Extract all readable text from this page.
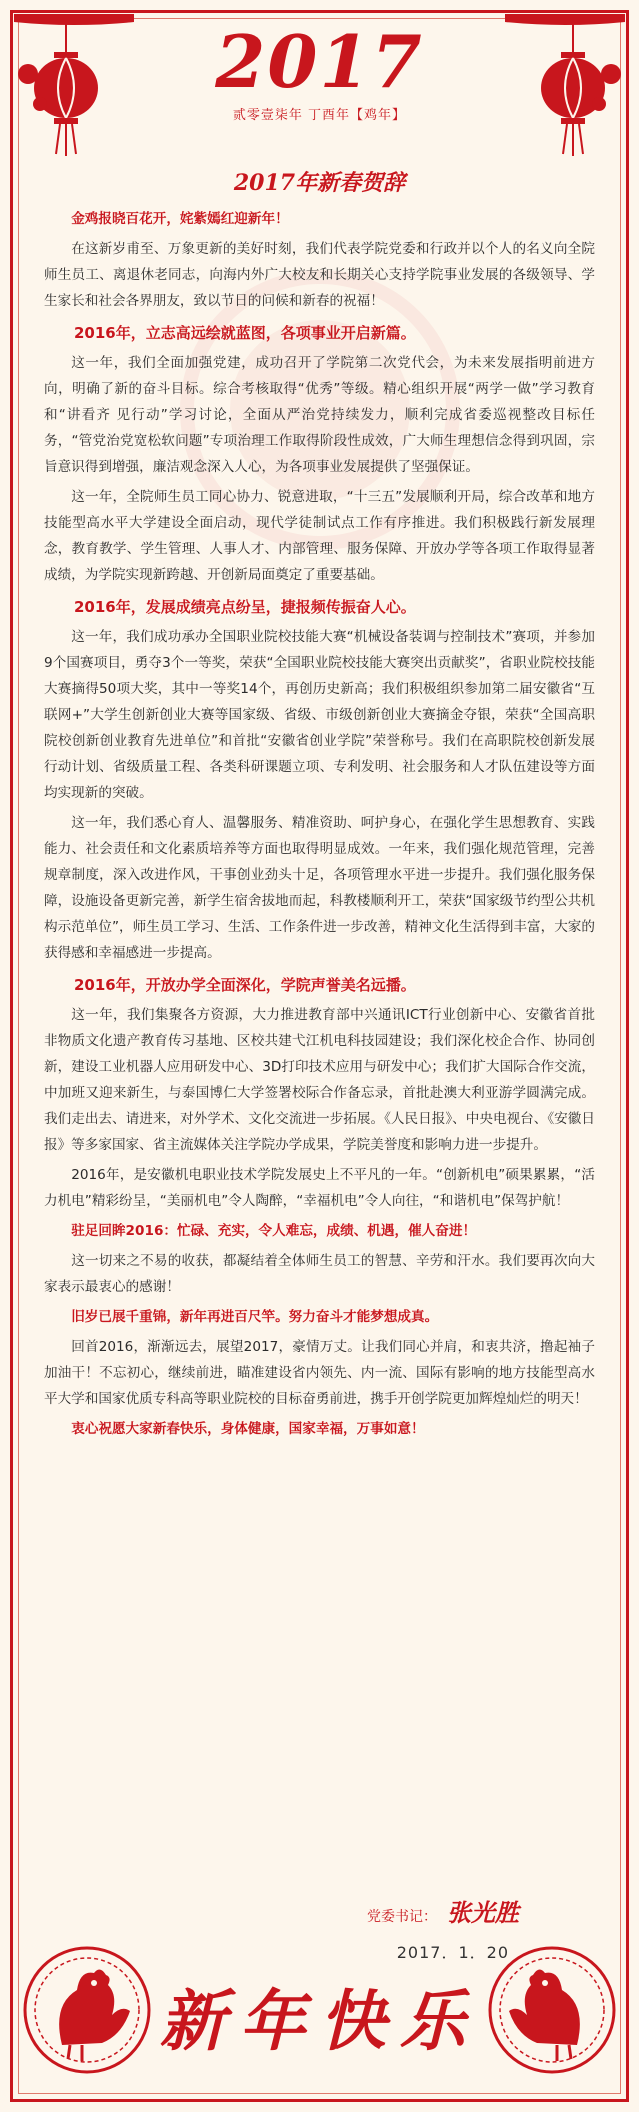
2017
贰零壹柒年 丁酉年【鸡年】
2017年新春贺辞

金鸡报晓百花开，姹紫嫣红迎新年！

在这新岁甫至、万象更新的美好时刻，我们代表学院党委和行政并以个人的名义向全院师生员工、离退休老同志，向海内外广大校友和长期关心支持学院事业发展的各级领导、学生家长和社会各界朋友，致以节日的问候和新春的祝福！

2016年，立志高远绘就蓝图，各项事业开启新篇。

这一年，我们全面加强党建，成功召开了学院第二次党代会，为未来发展指明前进方向，明确了新的奋斗目标。综合考核取得“优秀”等级。精心组织开展“两学一做”学习教育和“讲看齐 见行动”学习讨论，全面从严治党持续发力，顺利完成省委巡视整改目标任务，“管党治党宽松软问题”专项治理工作取得阶段性成效，广大师生理想信念得到巩固，宗旨意识得到增强，廉洁观念深入人心，为各项事业发展提供了坚强保证。

这一年，全院师生员工同心协力、锐意进取，“十三五”发展顺利开局，综合改革和地方技能型高水平大学建设全面启动，现代学徒制试点工作有序推进。我们积极践行新发展理念，教育教学、学生管理、人事人才、内部管理、服务保障、开放办学等各项工作取得显著成绩，为学院实现新跨越、开创新局面奠定了重要基础。

2016年，发展成绩亮点纷呈，捷报频传振奋人心。

这一年，我们成功承办全国职业院校技能大赛“机械设备装调与控制技术”赛项，并参加9个国赛项目，勇夺3个一等奖，荣获“全国职业院校技能大赛突出贡献奖”，省职业院校技能大赛摘得50项大奖，其中一等奖14个，再创历史新高；我们积极组织参加第二届安徽省“互联网+”大学生创新创业大赛等国家级、省级、市级创新创业大赛摘金夺银，荣获“全国高职院校创新创业教育先进单位”和首批“安徽省创业学院”荣誉称号。我们在高职院校创新发展行动计划、省级质量工程、各类科研课题立项、专利发明、社会服务和人才队伍建设等方面均实现新的突破。

这一年，我们悉心育人、温馨服务、精准资助、呵护身心，在强化学生思想教育、实践能力、社会责任和文化素质培养等方面也取得明显成效。一年来，我们强化规范管理，完善规章制度，深入改进作风，干事创业劲头十足，各项管理水平进一步提升。我们强化服务保障，设施设备更新完善，新学生宿舍拔地而起，科教楼顺利开工，荣获“国家级节约型公共机构示范单位”，师生员工学习、生活、工作条件进一步改善，精神文化生活得到丰富，大家的获得感和幸福感进一步提高。

2016年，开放办学全面深化，学院声誉美名远播。

这一年，我们集聚各方资源，大力推进教育部中兴通讯ICT行业创新中心、安徽省首批非物质文化遗产教育传习基地、区校共建弋江机电科技园建设；我们深化校企合作、协同创新，建设工业机器人应用研发中心、3D打印技术应用与研发中心；我们扩大国际合作交流，中加班又迎来新生，与泰国博仁大学签署校际合作备忘录，首批赴澳大利亚游学圆满完成。我们走出去、请进来，对外学术、文化交流进一步拓展。《人民日报》、中央电视台、《安徽日报》等多家国家、省主流媒体关注学院办学成果，学院美誉度和影响力进一步提升。

2016年，是安徽机电职业技术学院发展史上不平凡的一年。“创新机电”硕果累累，“活力机电”精彩纷呈，“美丽机电”令人陶醉，“幸福机电”令人向往，“和谐机电”保驾护航！

驻足回眸2016：忙碌、充实，令人难忘，成绩、机遇，催人奋进！

这一切来之不易的收获，都凝结着全体师生员工的智慧、辛劳和汗水。我们要再次向大家表示最衷心的感谢！

旧岁已展千重锦，新年再进百尺竿。努力奋斗才能梦想成真。

回首2016，渐渐远去，展望2017，豪情万丈。让我们同心并肩，和衷共济，撸起袖子加油干！不忘初心，继续前进，瞄准建设省内领先、内一流、国际有影响的地方技能型高水平大学和国家优质专科高等职业院校的目标奋勇前进，携手开创学院更加辉煌灿烂的明天！

衷心祝愿大家新春快乐，身体健康，国家幸福，万事如意！

党委书记： 张光胜
2017．1．20
新年快乐
